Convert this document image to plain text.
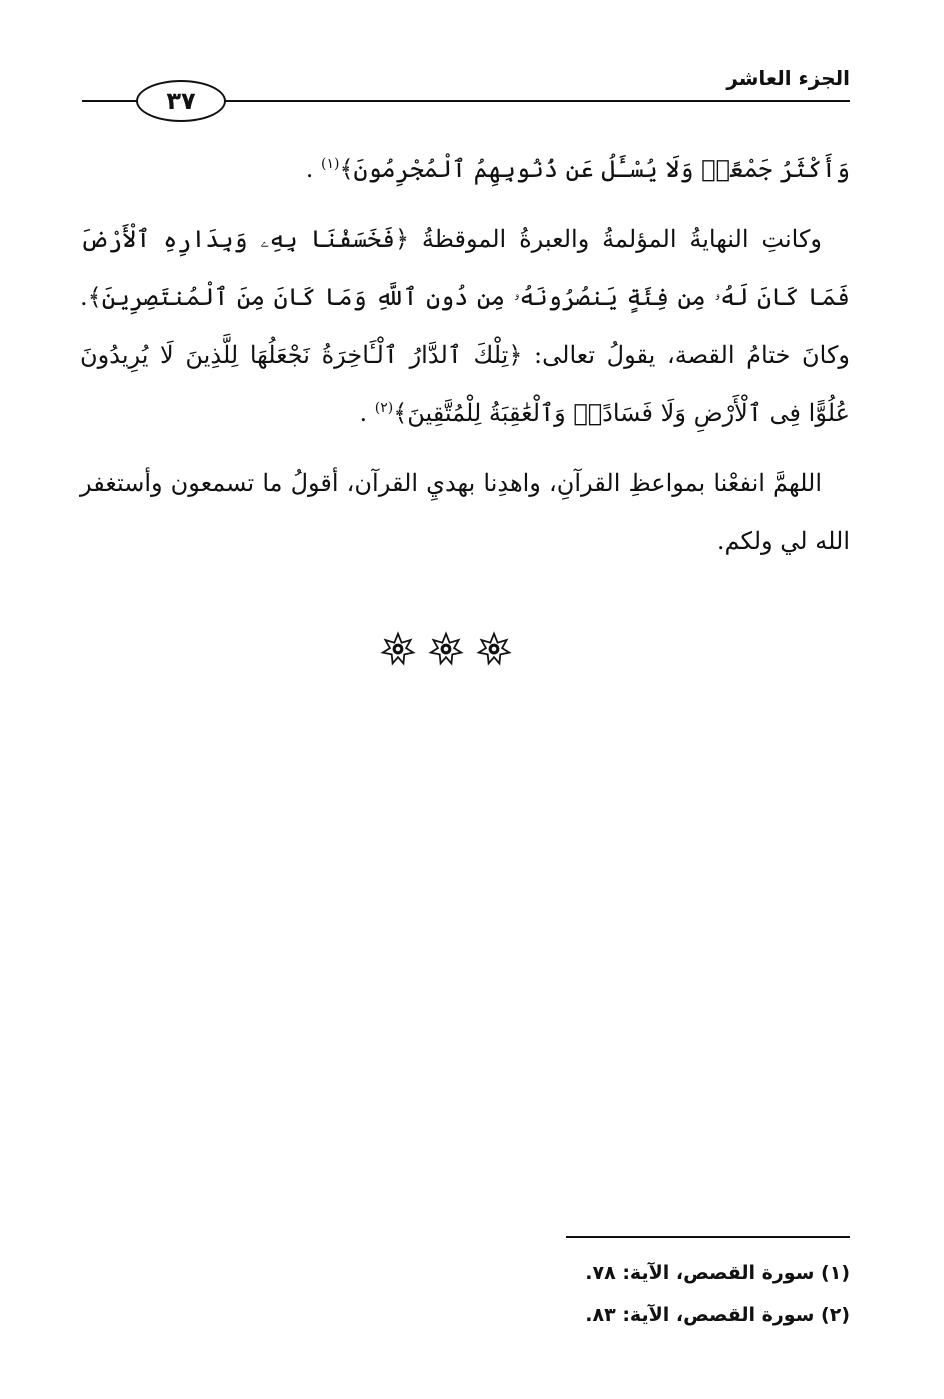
الجزء العاشر
٣٧

وَأَكْثَرُ جَمْعًاۚ وَلَا يُسْـَٔلُ عَن ذُنُوبِهِمُ ٱلْمُجْرِمُونَ﴾$^{(١)}$ .

وكانتِ النهايةُ المؤلمةُ والعبرةُ الموقظةُ ﴿فَخَسَفْنَا بِهِۦ وَبِدَارِهِ ٱلْأَرْضَ فَمَا كَانَ لَهُۥ مِن فِئَةٍ يَنصُرُونَهُۥ مِن دُونِ ٱللَّهِ وَمَا كَانَ مِنَ ٱلْمُنتَصِرِينَ﴾. وكانَ ختامُ القصة، يقولُ تعالى: ﴿تِلْكَ ٱلدَّارُ ٱلْـَٔاخِرَةُ نَجْعَلُهَا لِلَّذِينَ لَا يُرِيدُونَ عُلُوًّا فِى ٱلْأَرْضِ وَلَا فَسَادًاۚ وَٱلْعَٰقِبَةُ لِلْمُتَّقِينَ﴾$^{(٢)}$ .

اللهمَّ انفعْنا بمواعظِ القرآنِ، واهدِنا بهديِ القرآن، أقولُ ما تسمعون وأستغفر الله لي ولكم.

(١) سورة القصص، الآية: ٧٨.

(٢) سورة القصص، الآية: ٨٣.
